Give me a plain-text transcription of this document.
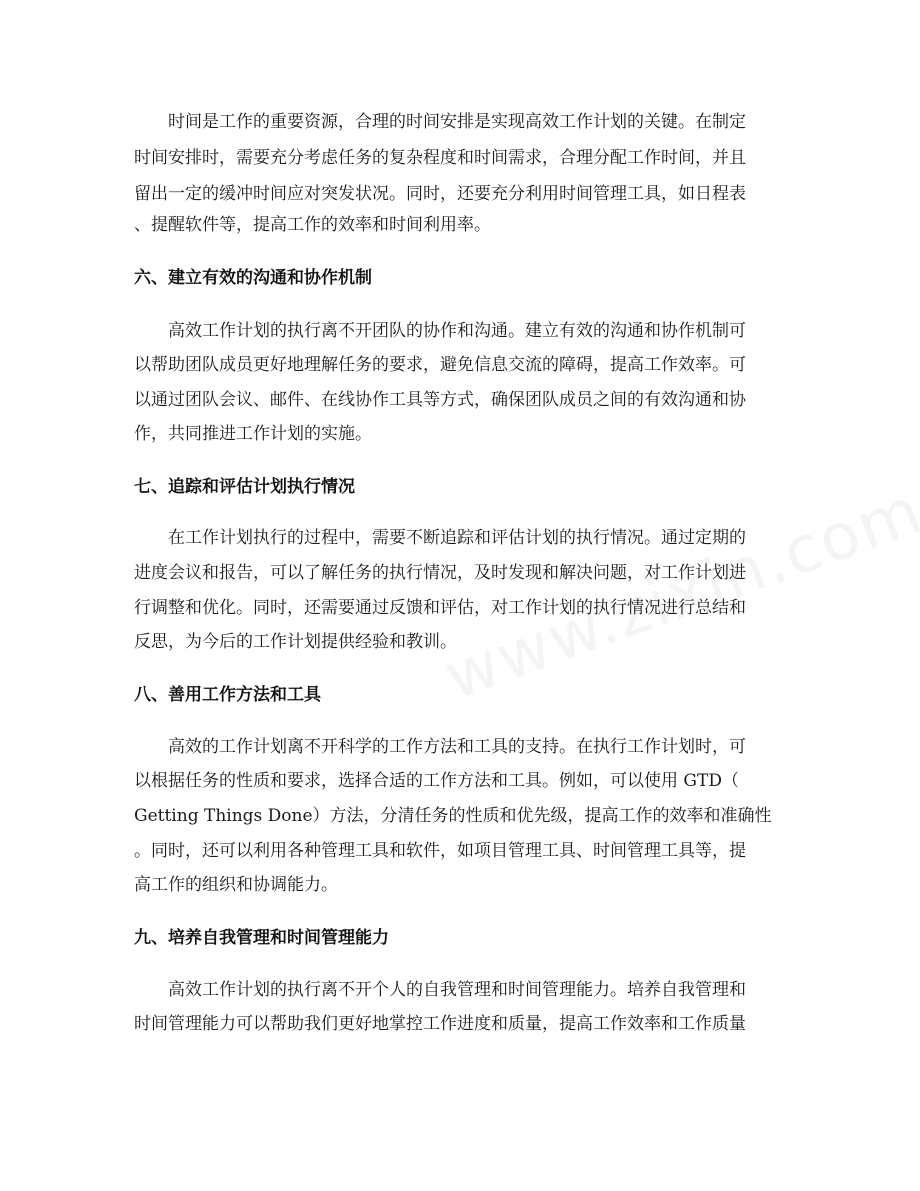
时间是工作的重要资源，合理的时间安排是实现高效工作计划的关键。在制定
时间安排时，需要充分考虑任务的复杂程度和时间需求，合理分配工作时间，并且
留出一定的缓冲时间应对突发状况。同时，还要充分利用时间管理工具，如日程表
、提醒软件等，提高工作的效率和时间利用率。
六、建立有效的沟通和协作机制
高效工作计划的执行离不开团队的协作和沟通。建立有效的沟通和协作机制可
以帮助团队成员更好地理解任务的要求，避免信息交流的障碍，提高工作效率。可
以通过团队会议、邮件、在线协作工具等方式，确保团队成员之间的有效沟通和协
作，共同推进工作计划的实施。
七、追踪和评估计划执行情况
在工作计划执行的过程中，需要不断追踪和评估计划的执行情况。通过定期的
进度会议和报告，可以了解任务的执行情况，及时发现和解决问题，对工作计划进
行调整和优化。同时，还需要通过反馈和评估，对工作计划的执行情况进行总结和
反思，为今后的工作计划提供经验和教训。
八、善用工作方法和工具
高效的工作计划离不开科学的工作方法和工具的支持。在执行工作计划时，可
以根据任务的性质和要求，选择合适的工作方法和工具。例如，可以使用 GTD（
Getting Things Done）方法，分清任务的性质和优先级，提高工作的效率和准确性
。同时，还可以利用各种管理工具和软件，如项目管理工具、时间管理工具等，提
高工作的组织和协调能力。
九、培养自我管理和时间管理能力
高效工作计划的执行离不开个人的自我管理和时间管理能力。培养自我管理和
时间管理能力可以帮助我们更好地掌控工作进度和质量，提高工作效率和工作质量
